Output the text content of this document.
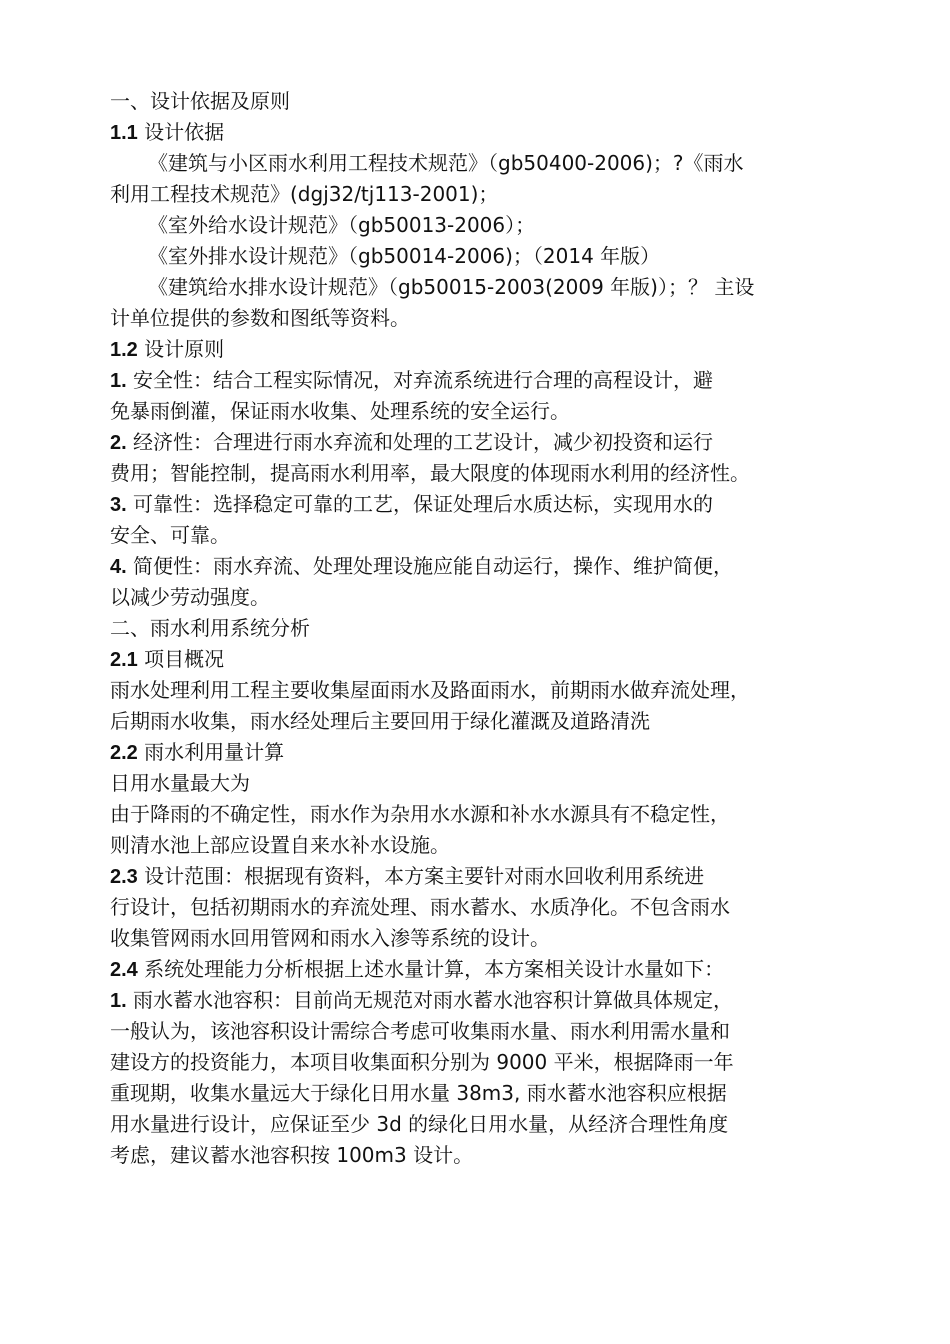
一、设计依据及原则
1.1 设计依据
《建筑与小区雨水利用工程技术规范》（gb50400-2006)；?《雨水
利用工程技术规范》(dgj32/tj113-2001)；
《室外给水设计规范》（gb50013-2006）；
《室外排水设计规范》（gb50014-2006)；（2014 年版）
《建筑给水排水设计规范》（gb50015-2003(2009 年版)）；？ 主设
计单位提供的参数和图纸等资料。
1.2 设计原则
1. 安全性：结合工程实际情况，对弃流系统进行合理的高程设计，避
免暴雨倒灌，保证雨水收集、处理系统的安全运行。
2. 经济性：合理进行雨水弃流和处理的工艺设计，减少初投资和运行
费用；智能控制，提高雨水利用率，最大限度的体现雨水利用的经济性。
3. 可靠性：选择稳定可靠的工艺，保证处理后水质达标，实现用水的
安全、可靠。
4. 简便性：雨水弃流、处理处理设施应能自动运行，操作、维护简便，
以减少劳动强度。
二、雨水利用系统分析
2.1 项目概况
雨水处理利用工程主要收集屋面雨水及路面雨水，前期雨水做弃流处理，
后期雨水收集，雨水经处理后主要回用于绿化灌溉及道路清洗
2.2 雨水利用量计算
日用水量最大为
由于降雨的不确定性，雨水作为杂用水水源和补水水源具有不稳定性，
则清水池上部应设置自来水补水设施。
2.3 设计范围：根据现有资料，本方案主要针对雨水回收利用系统进
行设计，包括初期雨水的弃流处理、雨水蓄水、水质净化。不包含雨水
收集管网雨水回用管网和雨水入渗等系统的设计。
2.4 系统处理能力分析根据上述水量计算，本方案相关设计水量如下：
1. 雨水蓄水池容积：目前尚无规范对雨水蓄水池容积计算做具体规定，
一般认为，该池容积设计需综合考虑可收集雨水量、雨水利用需水量和
建设方的投资能力，本项目收集面积分别为 9000 平米，根据降雨一年
重现期，收集水量远大于绿化日用水量 38m3, 雨水蓄水池容积应根据
用水量进行设计，应保证至少 3d 的绿化日用水量，从经济合理性角度
考虑，建议蓄水池容积按 100m3 设计。
